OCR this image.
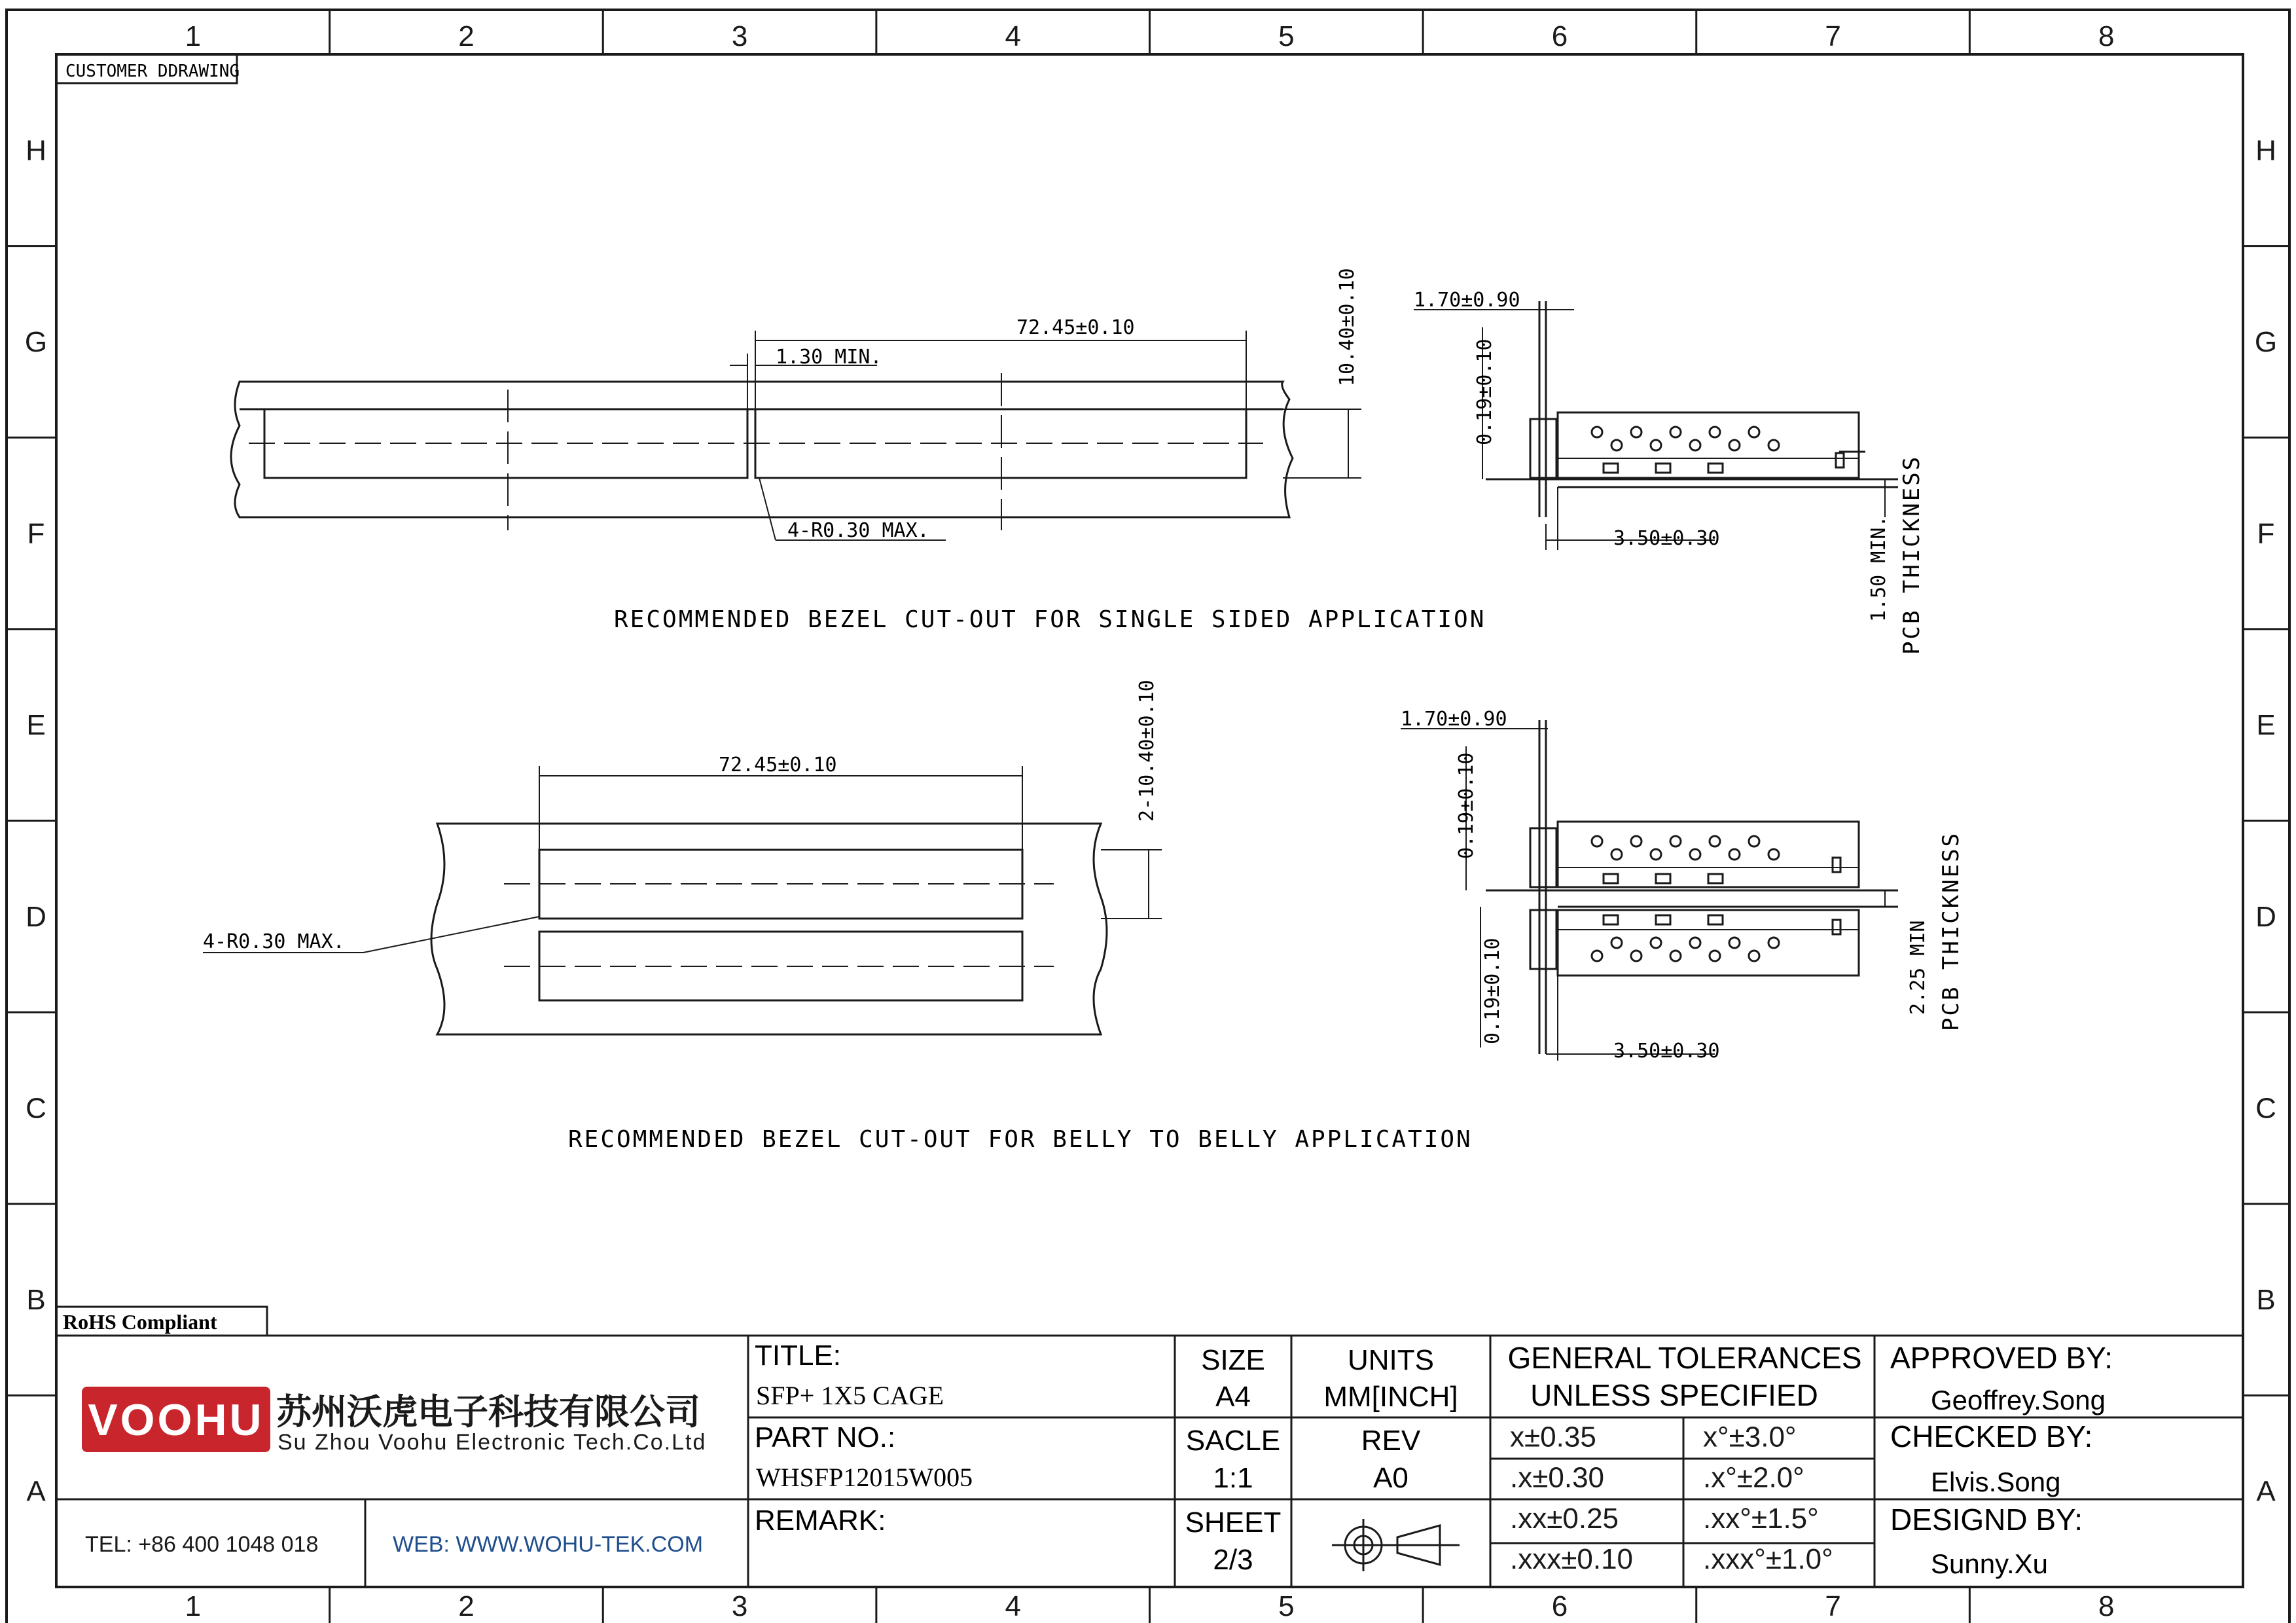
1
1
2
2
3
3
4
4
5
5
6
6
7
7
8
8
H	H
G	G
F	F
E	E
D	D
C	C
B	B
A	A
CUSTOMER DDRAWING
72.45±0.10
1.30 MIN.	10.40±0.10
4-R0.30 MAX.
RECOMMENDED BEZEL CUT-OUT FOR SINGLE SIDED APPLICATION
1.70±0.90
0.19±0.10
3.50±0.30	1.50 MIN. PCB THICKNESS
72.45±0.10	2-10.40±0.10
4-R0.30 MAX.
RECOMMENDED BEZEL CUT-OUT FOR BELLY TO BELLY APPLICATION
1.70±0.90
0.19±0.10
0.19±0.10
3.50±0.30
2.25 MIN PCB THICKNESS
RoHS Compliant
VOOHU 苏州沃虎电子科技有限公司
Su Zhou Voohu Electronic Tech.Co.Ltd
TEL: +86 400 1048 018	WEB: WWW.WOHU-TEK.COM
TITLE:
SFP+ 1X5 CAGE
PART NO.:
WHSFP12015W005
REMARK:
SIZE
A4
UNITS
MM[INCH]
SACLE
1:1
REV
A0
SHEET
2/3
GENERAL TOLERANCES
UNLESS SPECIFIED
x±0.35	x°±3.0°
.x±0.30	.x°±2.0°
.xx±0.25	.xx°±1.5°
.xxx±0.10 .xxx°±1.0°
APPROVED BY:
Geoffrey.Song
CHECKED BY:
Elvis.Song
DESIGND BY:
Sunny.Xu
